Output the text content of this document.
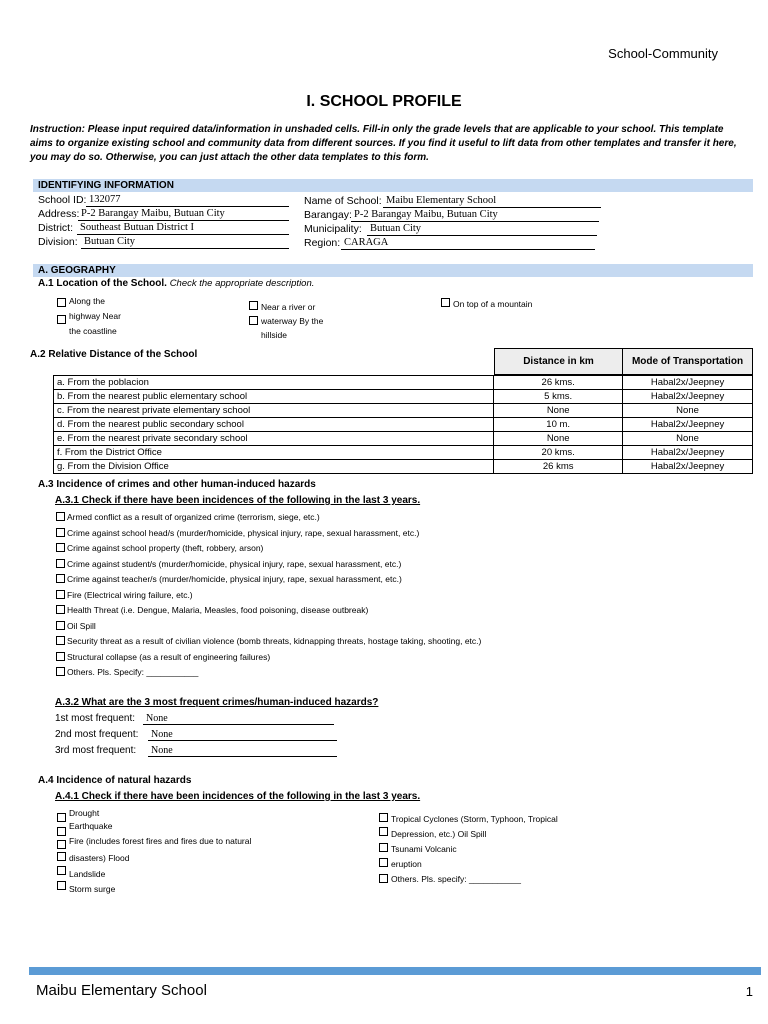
School-Community
I. SCHOOL PROFILE
Instruction: Please input required data/information in unshaded cells. Fill-in only the grade levels that are applicable to your school. This template aims to organize existing school and community data from different sources. If you find it useful to lift data from other templates and transfer it here, you may do so. Otherwise, you can just attach the other data templates to this form.
IDENTIFYING INFORMATION
School ID: 132077
Address: P-2 Barangay Maibu, Butuan City
District: Southeast Butuan District I
Division: Butuan City
Name of School: Maibu Elementary School
Barangay: P-2 Barangay Maibu, Butuan City
Municipality: Butuan City
Region: CARAGA
A. GEOGRAPHY
A.1 Location of the School. Check the appropriate description.
Along the
highway Near
the coastline
Near a river or
waterway By the
hillside
On top of a mountain
A.2 Relative Distance of the School
Distance in km	Mode of Transportation
a. From the poblacion	26 kms.	Habal2x/Jeepney
b. From the nearest public elementary school	5 kms.	Habal2x/Jeepney
c. From the nearest private elementary school	None	None
d. From the nearest public secondary school	10 m.	Habal2x/Jeepney
e. From the nearest private secondary school	None	None
f. From the District Office	20 kms.	Habal2x/Jeepney
g. From the Division Office	26 kms	Habal2x/Jeepney
A.3 Incidence of crimes and other human-induced hazards
A.3.1 Check if there have been incidences of the following in the last 3 years.
Armed conflict as a result of organized crime (terrorism, siege, etc.)
Crime against school head/s (murder/homicide, physical injury, rape, sexual harassment, etc.)
Crime against school property (theft, robbery, arson)
Crime against student/s (murder/homicide, physical injury, rape, sexual harassment, etc.)
Crime against teacher/s (murder/homicide, physical injury, rape, sexual harassment, etc.)
Fire (Electrical wiring failure, etc.)
Health Threat (i.e. Dengue, Malaria, Measles, food poisoning, disease outbreak)
Oil Spill
Security threat as a result of civilian violence (bomb threats, kidnapping threats, hostage taking, shooting, etc.)
Structural collapse (as a result of engineering failures)
Others. Pls. Specify: ___________
A.3.2 What are the 3 most frequent crimes/human-induced hazards?
1st most frequent:	None
2nd most frequent:	None
3rd most frequent:	None
A.4 Incidence of natural hazards
A.4.1 Check if there have been incidences of the following in the last 3 years.
Drought
Earthquake
Fire (includes forest fires and fires due to natural
disasters) Flood
Landslide
Storm surge
Tropical Cyclones (Storm, Typhoon, Tropical
Depression, etc.) Oil Spill
Tsunami Volcanic
eruption
Others. Pls. specify: ___________
Maibu Elementary School	1
